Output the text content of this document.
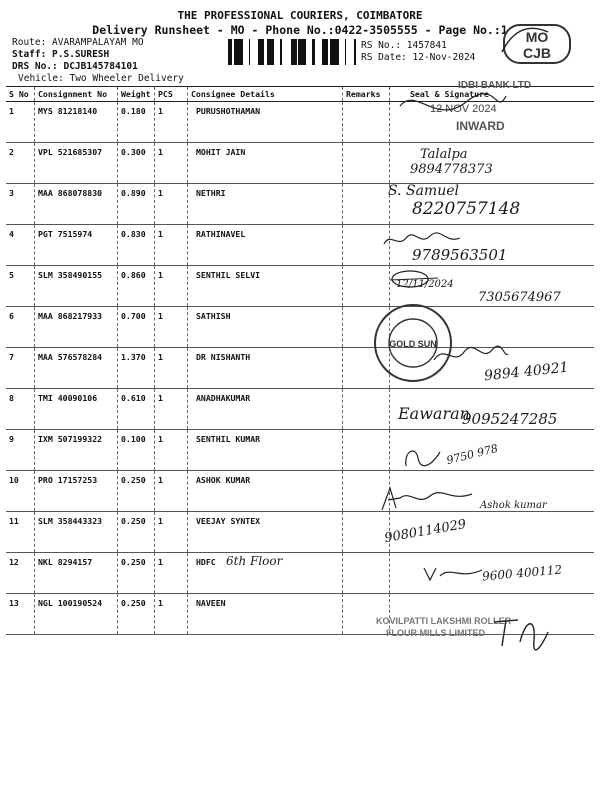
THE PROFESSIONAL COURIERS, COIMBATORE
Delivery Runsheet - MO - Phone No.:0422-3505555 - Page No.:1
Route: AVARAMPALAYAM MO
Staff: P.S.SURESH
DRS No.: DCJB145784101
Vehicle: Two Wheeler Delivery
RS No.: 1457841
RS Date: 12-Nov-2024
MO
CJB
S No	Consignment No	Weight	PCS	Consignee Details	Remarks	Seal & Signature
1	MYS 81218140	0.180	1	PURUSHOTHAMAN		
2	VPL 521685307	0.300	1	MOHIT JAIN		
3	MAA 868078830	0.890	1	NETHRI		
4	PGT 7515974	0.830	1	RATHINAVEL		
5	SLM 358490155	0.860	1	SENTHIL SELVI		
6	MAA 868217933	0.700	1	SATHISH		
7	MAA 576578284	1.370	1	DR NISHANTH		
8	TMI 40090106	0.610	1	ANADHAKUMAR		
9	IXM 507199322	0.100	1	SENTHIL KUMAR		
10	PRO 17157253	0.250	1	ASHOK KUMAR		
11	SLM 358443323	0.250	1	VEEJAY SYNTEX		
12	NKL 8294157	0.250	1	HDFC		
13	NGL 100190524	0.250	1	NAVEEN		
IDBI BANK LTD
12 NOV 2024
INWARD
GOLD SUN
KOVILPATTI LAKSHMI ROLLER
FLOUR MILLS LIMITED
Talalpa
9894778373
S. Samuel
8220757148
9789563501
12/11/2024
7305674967
9894 40921
Eawaran
9095247285
9750 978
Ashok kumar
9080114029
6th Floor
9600 400112
